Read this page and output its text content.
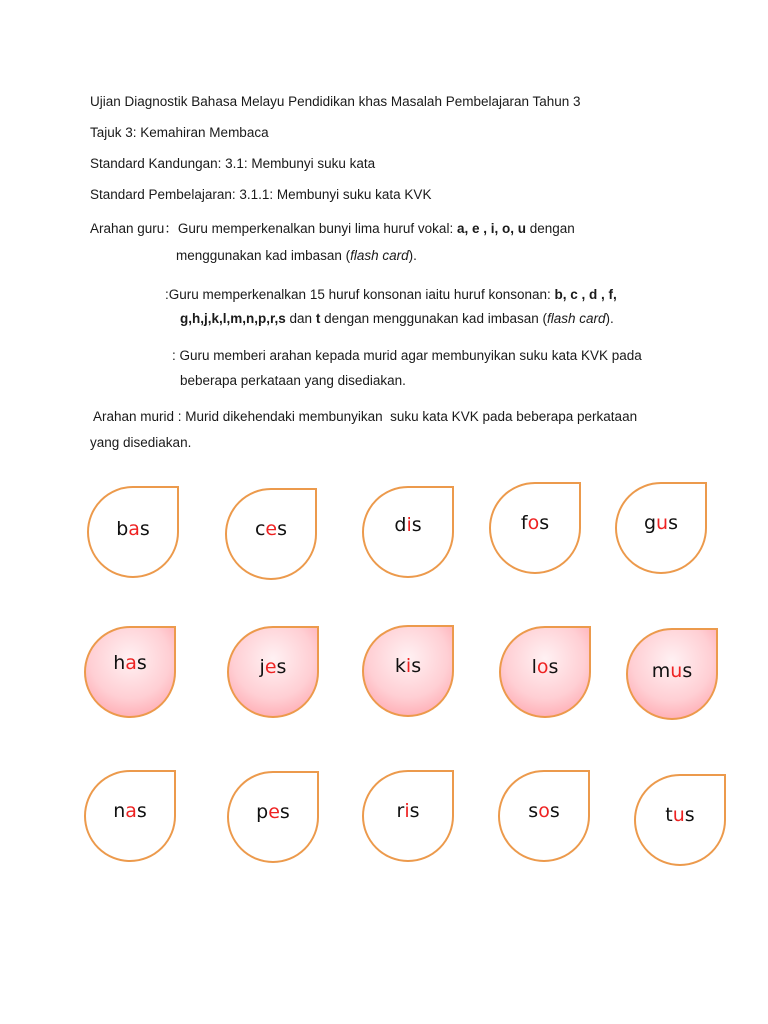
Ujian Diagnostik Bahasa Melayu Pendidikan khas Masalah Pembelajaran Tahun 3
Tajuk 3: Kemahiran Membaca
Standard Kandungan: 3.1: Membunyi suku kata
Standard Pembelajaran: 3.1.1: Membunyi suku kata KVK
Arahan guru：Guru memperkenalkan bunyi lima huruf vokal: a, e , i, o, u dengan
menggunakan kad imbasan (flash card).
:Guru memperkenalkan 15 huruf konsonan iaitu huruf konsonan: b, c , d , f,
g,h,j,k,l,m,n,p,r,s dan t dengan menggunakan kad imbasan (flash card).
: Guru memberi arahan kepada murid agar membunyikan suku kata KVK pada
beberapa perkataan yang disediakan.
Arahan murid : Murid dikehendaki membunyikan  suku kata KVK pada beberapa perkataan
yang disediakan.
bas	ces	dis	fos	gus
has	jes	kis	los	mus
nas	pes	ris	sos	tus
